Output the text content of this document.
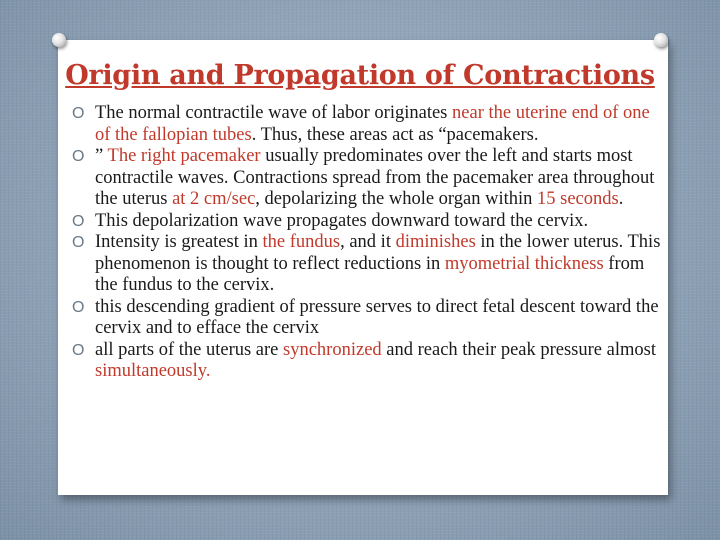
Origin and Propagation of Contractions
O The normal contractile wave of labor originates near the uterine end of one of the fallopian tubes. Thus, these areas act as “pacemakers.
O ” The right pacemaker usually predominates over the left and starts most contractile waves. Contractions spread from the pacemaker area throughout the uterus at 2 cm/sec, depolarizing the whole organ within 15 seconds.
O This depolarization wave propagates downward toward the cervix.
O Intensity is greatest in the fundus, and it diminishes in the lower uterus. This phenomenon is thought to reflect reductions in myometrial thickness from the fundus to the cervix.
O this descending gradient of pressure serves to direct fetal descent toward the cervix and to efface the cervix
O all parts of the uterus are synchronized and reach their peak pressure almost simultaneously.
